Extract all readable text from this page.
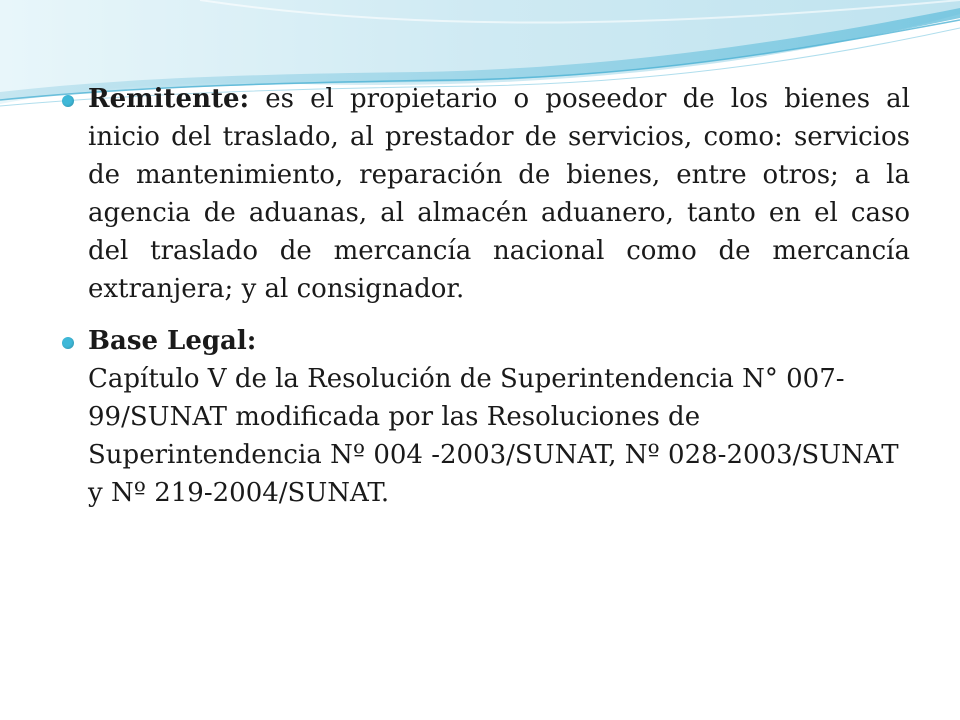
Remitente: es el propietario o poseedor de los bienes al inicio del traslado, al prestador de servicios, como: servicios de mantenimiento, reparación de bienes, entre otros; a la agencia de aduanas, al almacén aduanero, tanto en el caso del traslado de mercancía nacional como de mercancía extranjera; y al consignador.

Base Legal:

Capítulo V de la Resolución de Superintendencia N° 007-99/SUNAT modificada por las Resoluciones de Superintendencia Nº 004 -2003/SUNAT, Nº 028-2003/SUNAT y Nº 219-2004/SUNAT.
